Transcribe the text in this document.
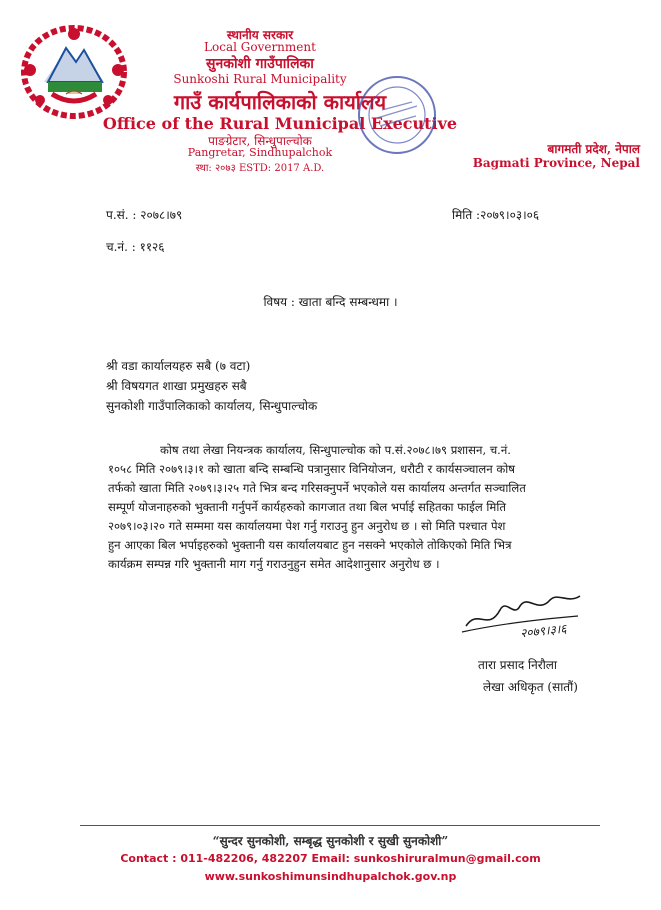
स्थानीय सरकार
Local Government
सुनकोशी गाउँपालिका
Sunkoshi Rural Municipality
गाउँ कार्यपालिकाको कार्यालय
Office of the Rural Municipal Executive
पाङग्रेटार, सिन्धुपाल्चोक
Pangretar, Sindhupalchok
स्था: २०७३ ESTD: 2017 A.D.
बागमती प्रदेश, नेपाल
Bagmati Province, Nepal
प.सं. : २०७८।७९	मिति :२०७९।०३।०६
च.नं. : ११२६
विषय : खाता बन्दि सम्बन्धमा ।
श्री वडा कार्यालयहरु सबै (७ वटा)
श्री विषयगत शाखा प्रमुखहरु सबै
सुनकोशी गाउँपालिकाको कार्यालय, सिन्धुपाल्चोक
कोष तथा लेखा नियन्त्रक कार्यालय, सिन्धुपाल्चोक को प.सं.२०७८।७९ प्रशासन, च.नं.
१०५८ मिति २०७९।३।१ को खाता बन्दि सम्बन्धि पत्रानुसार विनियोजन, धरौटी र कार्यसञ्चालन कोष
तर्फको खाता मिति २०७९।३।२५ गते भित्र बन्द गरिसक्नुपर्ने भएकोले यस कार्यालय अन्तर्गत सञ्चालित
सम्पूर्ण योजनाहरुको भुक्तानी गर्नुपर्ने कार्यहरुको कागजात तथा बिल भर्पाई सहितका फाईल मिति
२०७९।०३।२० गते सम्ममा यस कार्यालयमा पेश गर्नु गराउनु हुन अनुरोध छ । सो मिति पश्चात पेश
हुन आएका बिल भर्पाइहरुको भुक्तानी यस कार्यालयबाट हुन नसक्ने भएकोले तोकिएको मिति भित्र
कार्यक्रम सम्पन्न गरि भुक्तानी माग गर्नु गराउनुहुन समेत आदेशानुसार अनुरोध छ ।
२०७९।३।६
तारा प्रसाद निरौला
लेखा अधिकृत (सातौं)
“सुन्दर सुनकोशी, सम्बृद्ध सुनकोशी र सुखी सुनकोशी”
Contact : 011-482206, 482207 Email: sunkoshiruralmun@gmail.com
www.sunkoshimunsindhupalchok.gov.np
